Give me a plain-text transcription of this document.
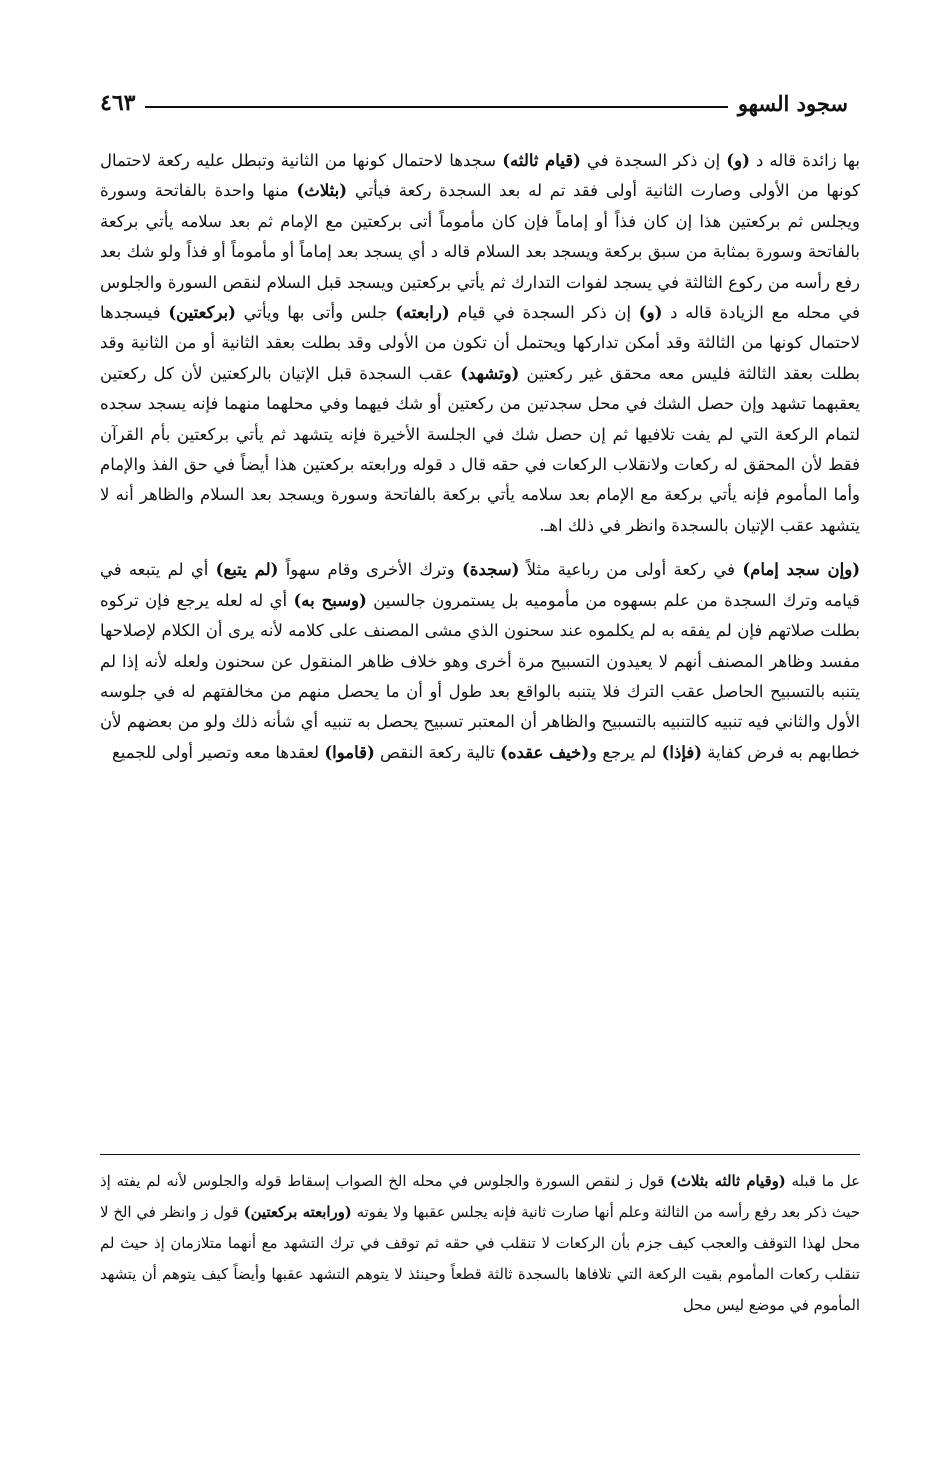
سجود السهو
٤٦٣

بها زائدة قاله د (و) إن ذكر السجدة في (قيام ثالثه) سجدها لاحتمال كونها من الثانية وتبطل عليه ركعة لاحتمال كونها من الأولى وصارت الثانية أولى فقد تم له بعد السجدة ركعة فيأتي (بثلاث) منها واحدة بالفاتحة وسورة ويجلس ثم بركعتين هذا إن كان فذاً أو إماماً فإن كان مأموماً أتى بركعتين مع الإمام ثم بعد سلامه يأتي بركعة بالفاتحة وسورة بمثابة من سبق بركعة ويسجد بعد السلام قاله د أي يسجد بعد إماماً أو مأموماً أو فذاً ولو شك بعد رفع رأسه من ركوع الثالثة في يسجد لفوات التدارك ثم يأتي بركعتين ويسجد قبل السلام لنقص السورة والجلوس في محله مع الزيادة قاله د (و) إن ذكر السجدة في قيام (رابعته) جلس وأتى بها ويأتي (بركعتين) فيسجدها لاحتمال كونها من الثالثة وقد أمكن تداركها ويحتمل أن تكون من الأولى وقد بطلت بعقد الثانية أو من الثانية وقد بطلت بعقد الثالثة فليس معه محقق غير ركعتين (وتشهد) عقب السجدة قبل الإتيان بالركعتين لأن كل ركعتين يعقبهما تشهد وإن حصل الشك في محل سجدتين من ركعتين أو شك فيهما وفي محلهما منهما فإنه يسجد سجده لتمام الركعة التي لم يفت تلافيها ثم إن حصل شك في الجلسة الأخيرة فإنه يتشهد ثم يأتي بركعتين بأم القرآن فقط لأن المحقق له ركعات ولانقلاب الركعات في حقه قال د قوله ورابعته بركعتين هذا أيضاً في حق الفذ والإمام وأما المأموم فإنه يأتي بركعة مع الإمام بعد سلامه يأتي بركعة بالفاتحة وسورة ويسجد بعد السلام والظاهر أنه لا يتشهد عقب الإتيان بالسجدة وانظر في ذلك اهـ.

(وإن سجد إمام) في ركعة أولى من رباعية مثلاً (سجدة) وترك الأخرى وقام سهواً (لم يتبع) أي لم يتبعه في قيامه وترك السجدة من علم بسهوه من مأموميه بل يستمرون جالسين (وسبح به) أي له لعله يرجع فإن تركوه بطلت صلاتهم فإن لم يفقه به لم يكلموه عند سحنون الذي مشى المصنف على كلامه لأنه يرى أن الكلام لإصلاحها مفسد وظاهر المصنف أنهم لا يعيدون التسبيح مرة أخرى وهو خلاف ظاهر المنقول عن سحنون ولعله لأنه إذا لم يتنبه بالتسبيح الحاصل عقب الترك فلا يتنبه بالواقع بعد طول أو أن ما يحصل منهم من مخالفتهم له في جلوسه الأول والثاني فيه تنبيه كالتنبيه بالتسبيح والظاهر أن المعتبر تسبيح يحصل به تنبيه أي شأنه ذلك ولو من بعضهم لأن خطابهم به فرض كفاية (فإذا) لم يرجع و(خيف عقده) تالية ركعة النقص (قاموا) لعقدها معه وتصير أولى للجميع

عل ما قبله (وقيام ثالثه بثلاث) قول ز لنقص السورة والجلوس في محله الخ الصواب إسقاط قوله والجلوس لأنه لم يفته إذ حيث ذكر بعد رفع رأسه من الثالثة وعلم أنها صارت ثانية فإنه يجلس عقبها ولا يفوته (ورابعته بركعتين) قول ز وانظر في الخ لا محل لهذا التوقف والعجب كيف جزم بأن الركعات لا تنقلب في حقه ثم توقف في ترك التشهد مع أنهما متلازمان إذ حيث لم تنقلب ركعات المأموم بقيت الركعة التي تلافاها بالسجدة ثالثة قطعاً وحينئذ لا يتوهم التشهد عقبها وأيضاً كيف يتوهم أن يتشهد المأموم في موضع ليس محل
